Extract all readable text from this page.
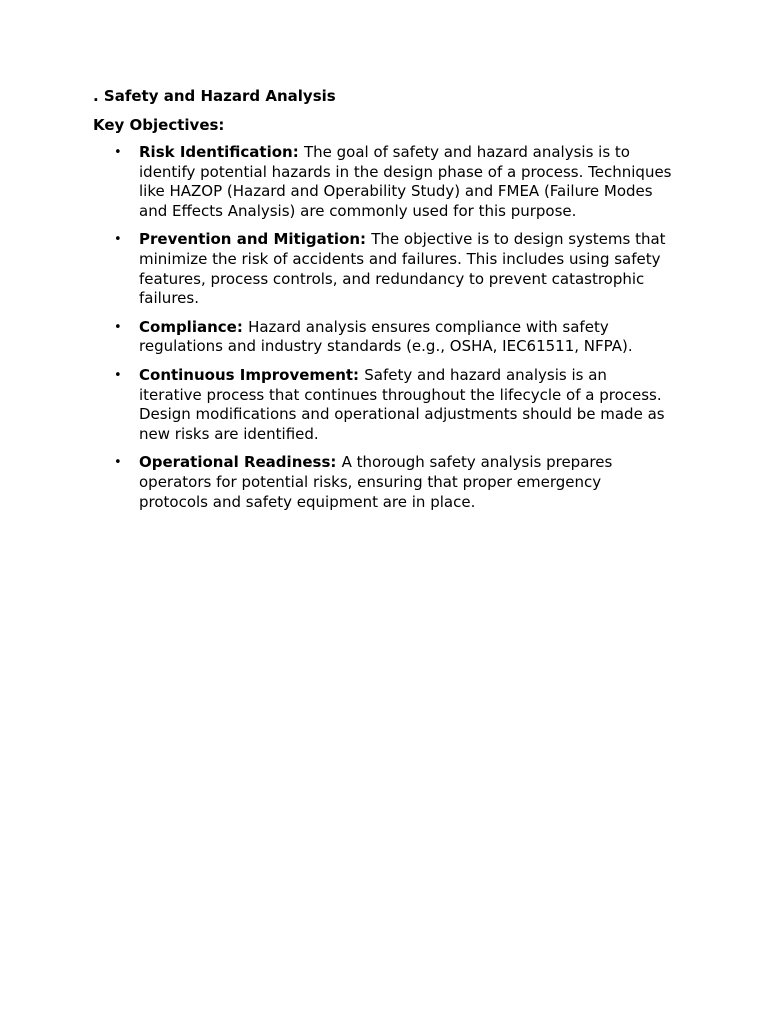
. Safety and Hazard Analysis
Key Objectives:
• Risk Identification: The goal of safety and hazard analysis is to identify potential hazards in the design phase of a process. Techniques like HAZOP (Hazard and Operability Study) and FMEA (Failure Modes and Effects Analysis) are commonly used for this purpose.
• Prevention and Mitigation: The objective is to design systems that minimize the risk of accidents and failures. This includes using safety features, process controls, and redundancy to prevent catastrophic failures.
• Compliance: Hazard analysis ensures compliance with safety regulations and industry standards (e.g., OSHA, IEC61511, NFPA).
• Continuous Improvement: Safety and hazard analysis is an iterative process that continues throughout the lifecycle of a process. Design modifications and operational adjustments should be made as new risks are identified.
• Operational Readiness: A thorough safety analysis prepares operators for potential risks, ensuring that proper emergency protocols and safety equipment are in place.
